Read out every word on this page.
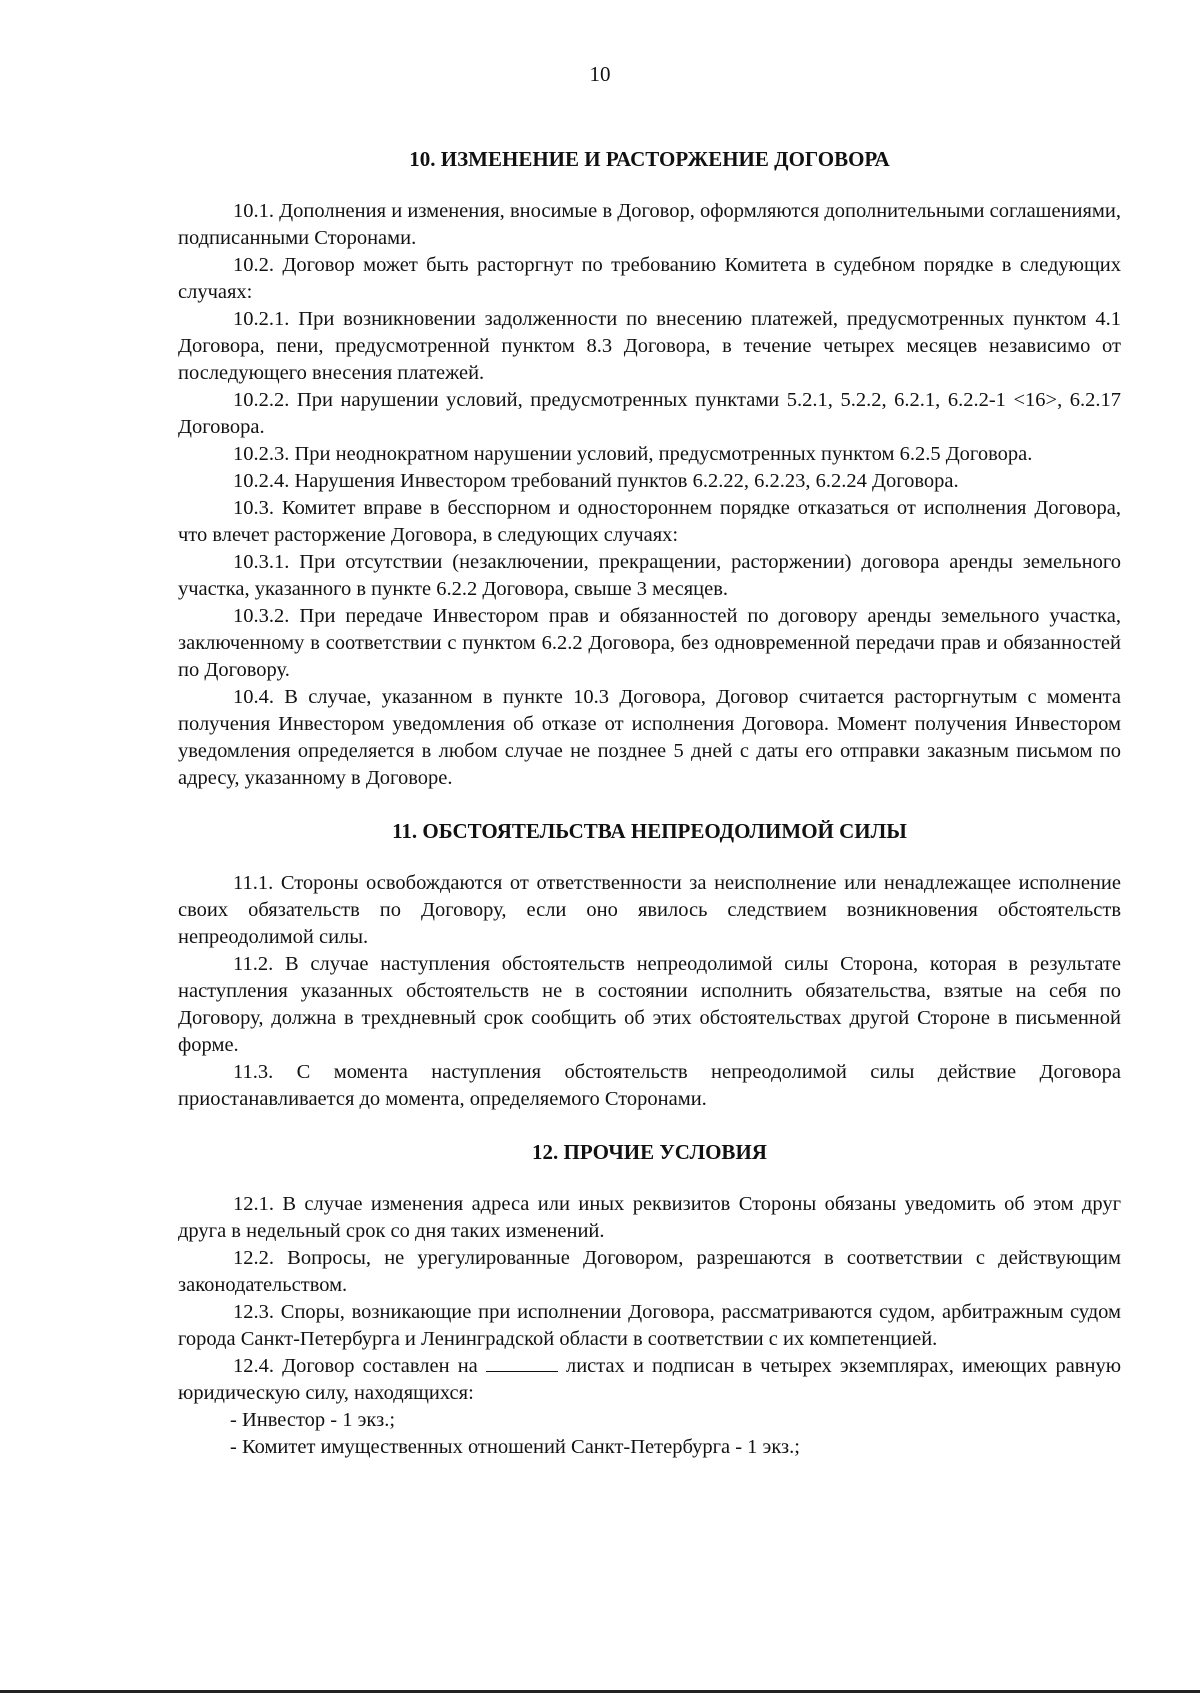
10
10. ИЗМЕНЕНИЕ И РАСТОРЖЕНИЕ ДОГОВОРА

10.1. Дополнения и изменения, вносимые в Договор, оформляются дополнительными соглашениями, подписанными Сторонами.

10.2. Договор может быть расторгнут по требованию Комитета в судебном порядке в следующих случаях:

10.2.1. При возникновении задолженности по внесению платежей, предусмотренных пунктом 4.1 Договора, пени, предусмотренной пунктом 8.3 Договора, в течение четырех месяцев независимо от последующего внесения платежей.

10.2.2. При нарушении условий, предусмотренных пунктами 5.2.1, 5.2.2, 6.2.1, 6.2.2-1 <16>, 6.2.17 Договора.

10.2.3. При неоднократном нарушении условий, предусмотренных пунктом 6.2.5 Договора.

10.2.4. Нарушения Инвестором требований пунктов 6.2.22, 6.2.23, 6.2.24 Договора.

10.3. Комитет вправе в бесспорном и одностороннем порядке отказаться от исполнения Договора, что влечет расторжение Договора, в следующих случаях:

10.3.1. При отсутствии (незаключении, прекращении, расторжении) договора аренды земельного участка, указанного в пункте 6.2.2 Договора, свыше 3 месяцев.

10.3.2. При передаче Инвестором прав и обязанностей по договору аренды земельного участка, заключенному в соответствии с пунктом 6.2.2 Договора, без одновременной передачи прав и обязанностей по Договору.

10.4. В случае, указанном в пункте 10.3 Договора, Договор считается расторгнутым с момента получения Инвестором уведомления об отказе от исполнения Договора. Момент получения Инвестором уведомления определяется в любом случае не позднее 5 дней с даты его отправки заказным письмом по адресу, указанному в Договоре.

11. ОБСТОЯТЕЛЬСТВА НЕПРЕОДОЛИМОЙ СИЛЫ

11.1. Стороны освобождаются от ответственности за неисполнение или ненадлежащее исполнение своих обязательств по Договору, если оно явилось следствием возникновения обстоятельств непреодолимой силы.

11.2. В случае наступления обстоятельств непреодолимой силы Сторона, которая в результате наступления указанных обстоятельств не в состоянии исполнить обязательства, взятые на себя по Договору, должна в трехдневный срок сообщить об этих обстоятельствах другой Стороне в письменной форме.

11.3. С момента наступления обстоятельств непреодолимой силы действие Договора приостанавливается до момента, определяемого Сторонами.

12. ПРОЧИЕ УСЛОВИЯ

12.1. В случае изменения адреса или иных реквизитов Стороны обязаны уведомить об этом друг друга в недельный срок со дня таких изменений.

12.2. Вопросы, не урегулированные Договором, разрешаются в соответствии с действующим законодательством.

12.3. Споры, возникающие при исполнении Договора, рассматриваются судом, арбитражным судом города Санкт-Петербурга и Ленинградской области в соответствии с их компетенцией.

12.4. Договор составлен на	листах и подписан в четырех экземплярах, имеющих равную юридическую силу, находящихся:

- Инвестор - 1 экз.;

- Комитет имущественных отношений Санкт-Петербурга - 1 экз.;
